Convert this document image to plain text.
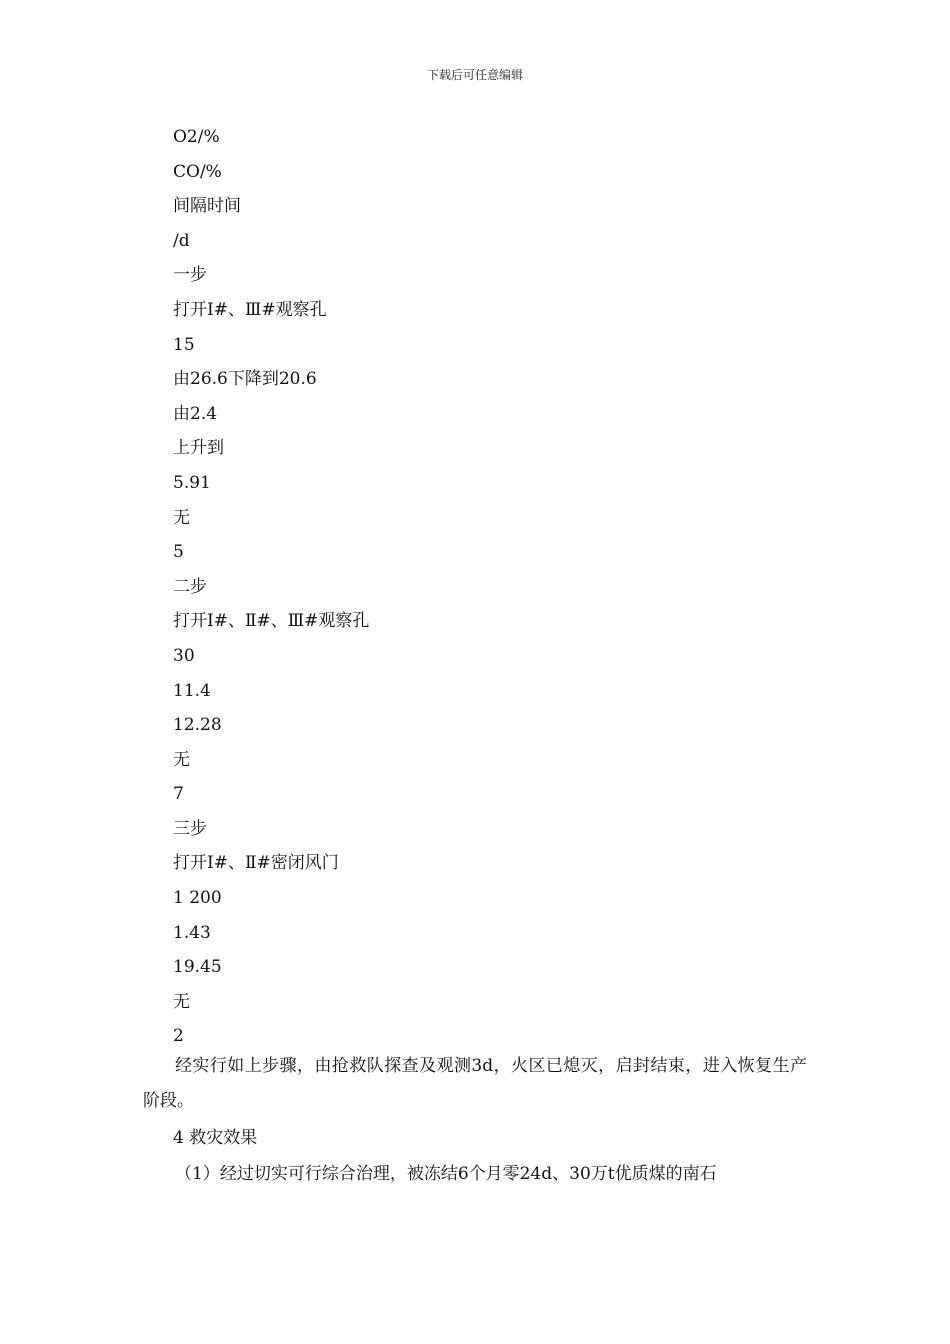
下载后可任意编辑
O2/%
CO/%
间隔时间
/d
一步
打开Ⅰ#、Ⅲ#观察孔
15
由26.6下降到20.6
由2.4
上升到
5.91
无
5
二步
打开Ⅰ#、Ⅱ#、Ⅲ#观察孔
30
11.4
12.28
无
7
三步
打开Ⅰ#、Ⅱ#密闭风门
1 200
1.43
19.45
无
2

经实行如上步骤，由抢救队探查及观测3d，火区已熄灭，启封结束，进入恢复生产阶段。

4 救灾效果

（1）经过切实可行综合治理，被冻结6个月零24d、30万t优质煤的南石
